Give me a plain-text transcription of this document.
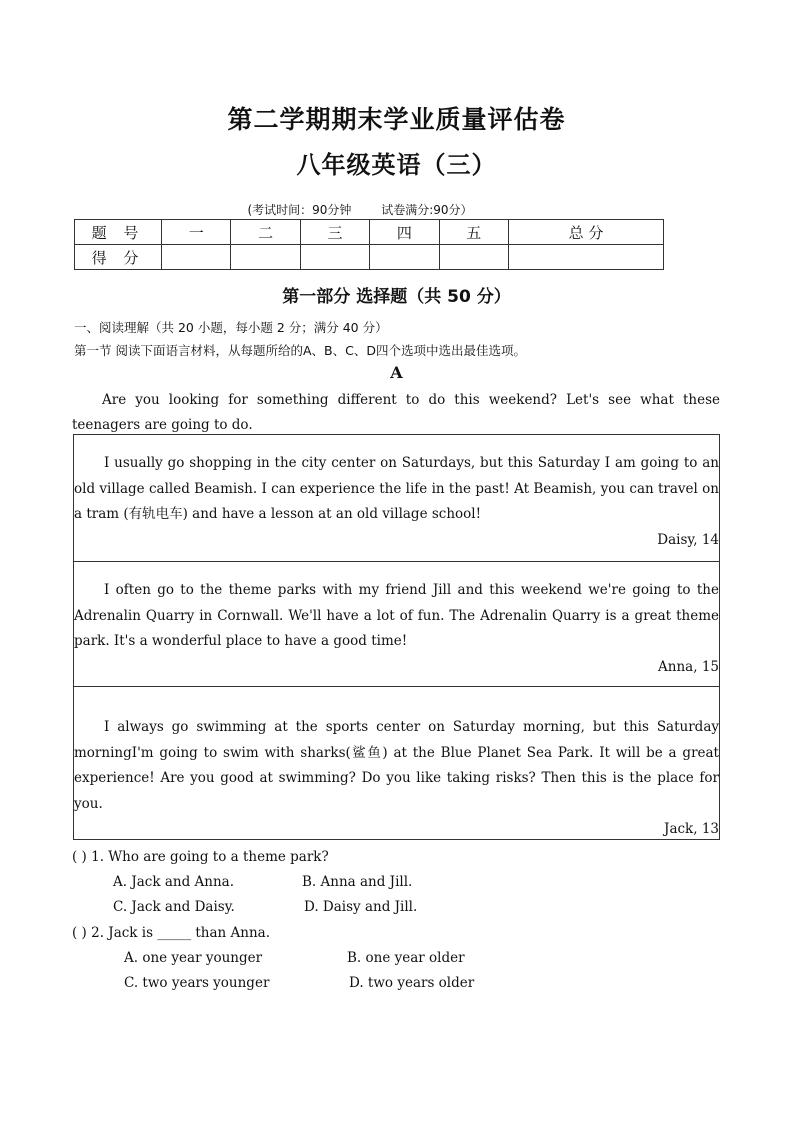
第二学期期末学业质量评估卷
八年级英语（三）
(考试时间：90分钟 试卷满分:90分）
题 号	一	二	三	四	五	总 分
得 分						
第一部分 选择题（共 50 分）
一、阅读理解（共 20 小题，每小题 2 分；满分 40 分）
第一节 阅读下面语言材料，从每题所给的A、B、C、D四个选项中选出最佳选项。
A
Are you looking for something different to do this weekend? Let's see what these teenagers are going to do.

I usually go shopping in the city center on Saturdays, but this Saturday I am going to an old village called Beamish. I can experience the life in the past! At Beamish, you can travel on a tram (有轨电车) and have a lesson at an old village school!

Daisy, 14

I often go to the theme parks with my friend Jill and this weekend we're going to the Adrenalin Quarry in Cornwall. We'll have a lot of fun. The Adrenalin Quarry is a great theme park. It's a wonderful place to have a good time!

Anna, 15

I always go swimming at the sports center on Saturday morning, but this Saturday morningI'm going to swim with sharks(鲨鱼) at the Blue Planet Sea Park. It will be a great experience! Are you good at swimming? Do you like taking risks? Then this is the place for you.

Jack, 13

( ) 1. Who are going to a theme park?
A. Jack and Anna.	B. Anna and Jill.
C. Jack and Daisy.	D. Daisy and Jill.
( ) 2. Jack is _____ than Anna.
A. one year younger	B. one year older
C. two years younger	D. two years older
